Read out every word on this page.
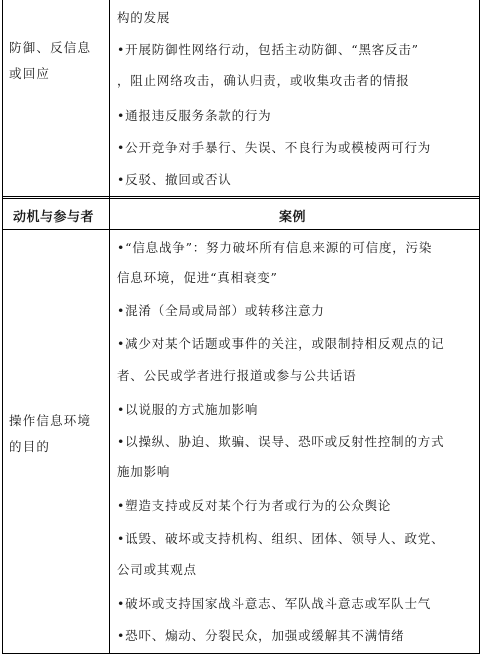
防御、反信息
或回应
构的发展
•开展防御性网络行动，包括主动防御、“黑客反击”
，阻止网络攻击，确认归责，或收集攻击者的情报
•通报违反服务条款的行为
•公开竞争对手暴行、失误、不良行为或模棱两可行为
•反驳、撤回或否认
动机与参与者	案例
操作信息环境
的目的
•“信息战争”：努力破坏所有信息来源的可信度，污染
信息环境，促进“真相衰变”
•混淆（全局或局部）或转移注意力
•减少对某个话题或事件的关注，或限制持相反观点的记
者、公民或学者进行报道或参与公共话语
•以说服的方式施加影响
•以操纵、胁迫、欺骗、误导、恐吓或反射性控制的方式
施加影响
•塑造支持或反对某个行为者或行为的公众舆论
•诋毁、破坏或支持机构、组织、团体、领导人、政党、
公司或其观点
•破坏或支持国家战斗意志、军队战斗意志或军队士气
•恐吓、煽动、分裂民众，加强或缓解其不满情绪
